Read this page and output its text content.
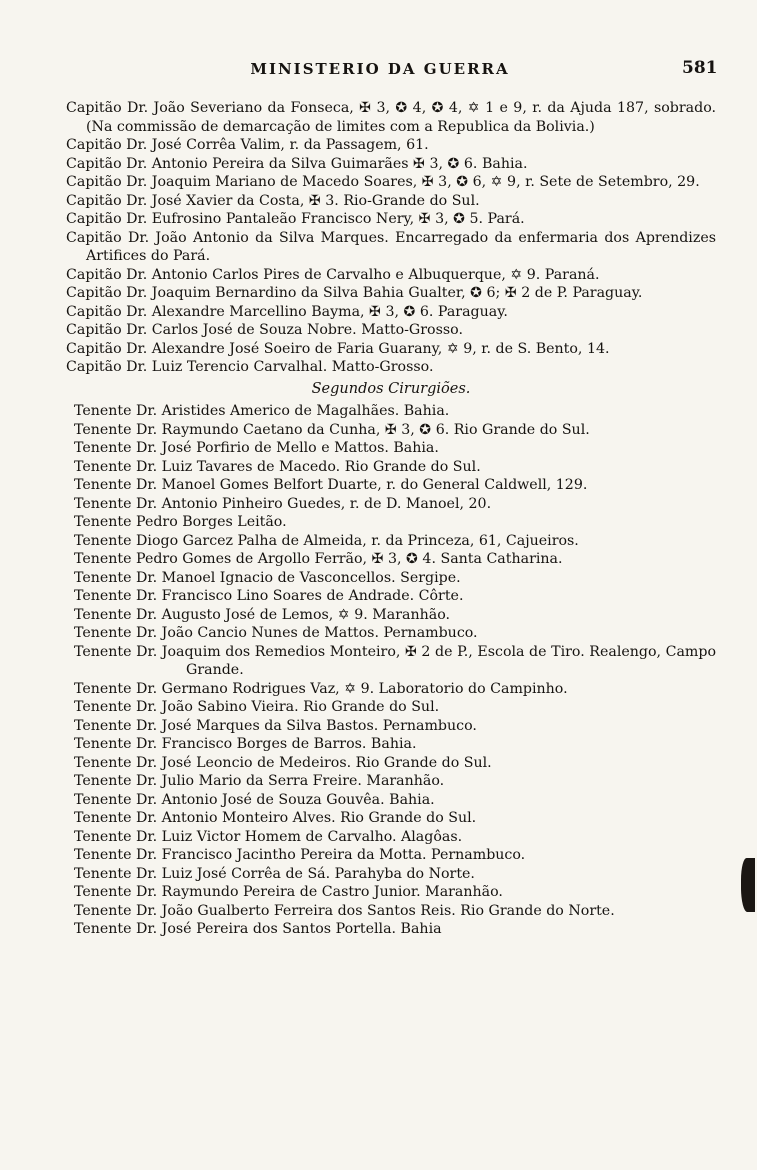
MINISTERIO DA GUERRA	581

Capitão Dr. João Severiano da Fonseca, ✠ 3, ✪ 4, ✪ 4, ✡ 1 e 9, r. da Ajuda 187, sobrado. (Na commissão de demarcação de limites com a Republica da Bolivia.)

Capitão Dr. José Corrêa Valim, r. da Passagem, 61.

Capitão Dr. Antonio Pereira da Silva Guimarães ✠ 3, ✪ 6. Bahia.

Capitão Dr. Joaquim Mariano de Macedo Soares, ✠ 3, ✪ 6, ✡ 9, r. Sete de Setembro, 29.

Capitão Dr. José Xavier da Costa, ✠ 3. Rio-Grande do Sul.

Capitão Dr. Eufrosino Pantaleão Francisco Nery, ✠ 3, ✪ 5. Pará.

Capitão Dr. João Antonio da Silva Marques. Encarregado da enfermaria dos Aprendizes Artifices do Pará.

Capitão Dr. Antonio Carlos Pires de Carvalho e Albuquerque, ✡ 9. Paraná.

Capitão Dr. Joaquim Bernardino da Silva Bahia Gualter, ✪ 6; ✠ 2 de P. Paraguay.

Capitão Dr. Alexandre Marcellino Bayma, ✠ 3, ✪ 6. Paraguay.

Capitão Dr. Carlos José de Souza Nobre. Matto-Grosso.

Capitão Dr. Alexandre José Soeiro de Faria Guarany, ✡ 9, r. de S. Bento, 14.

Capitão Dr. Luiz Terencio Carvalhal. Matto-Grosso.

Segundos Cirurgiões.

Tenente Dr. Aristides Americo de Magalhães. Bahia.

Tenente Dr. Raymundo Caetano da Cunha, ✠ 3, ✪ 6. Rio Grande do Sul.

Tenente Dr. José Porfirio de Mello e Mattos. Bahia.

Tenente Dr. Luiz Tavares de Macedo. Rio Grande do Sul.

Tenente Dr. Manoel Gomes Belfort Duarte, r. do General Caldwell, 129.

Tenente Dr. Antonio Pinheiro Guedes, r. de D. Manoel, 20.

Tenente Pedro Borges Leitão.

Tenente Diogo Garcez Palha de Almeida, r. da Princeza, 61, Cajueiros.

Tenente Pedro Gomes de Argollo Ferrão, ✠ 3, ✪ 4. Santa Catharina.

Tenente Dr. Manoel Ignacio de Vasconcellos. Sergipe.

Tenente Dr. Francisco Lino Soares de Andrade. Côrte.

Tenente Dr. Augusto José de Lemos, ✡ 9. Maranhão.

Tenente Dr. João Cancio Nunes de Mattos. Pernambuco.

Tenente Dr. Joaquim dos Remedios Monteiro, ✠ 2 de P., Escola de Tiro. Realengo, Campo Grande.

Tenente Dr. Germano Rodrigues Vaz, ✡ 9. Laboratorio do Campinho.

Tenente Dr. João Sabino Vieira. Rio Grande do Sul.

Tenente Dr. José Marques da Silva Bastos. Pernambuco.

Tenente Dr. Francisco Borges de Barros. Bahia.

Tenente Dr. José Leoncio de Medeiros. Rio Grande do Sul.

Tenente Dr. Julio Mario da Serra Freire. Maranhão.

Tenente Dr. Antonio José de Souza Gouvêa. Bahia.

Tenente Dr. Antonio Monteiro Alves. Rio Grande do Sul.

Tenente Dr. Luiz Victor Homem de Carvalho. Alagôas.

Tenente Dr. Francisco Jacintho Pereira da Motta. Pernambuco.

Tenente Dr. Luiz José Corrêa de Sá. Parahyba do Norte.

Tenente Dr. Raymundo Pereira de Castro Junior. Maranhão.

Tenente Dr. João Gualberto Ferreira dos Santos Reis. Rio Grande do Norte.

Tenente Dr. José Pereira dos Santos Portella. Bahia
